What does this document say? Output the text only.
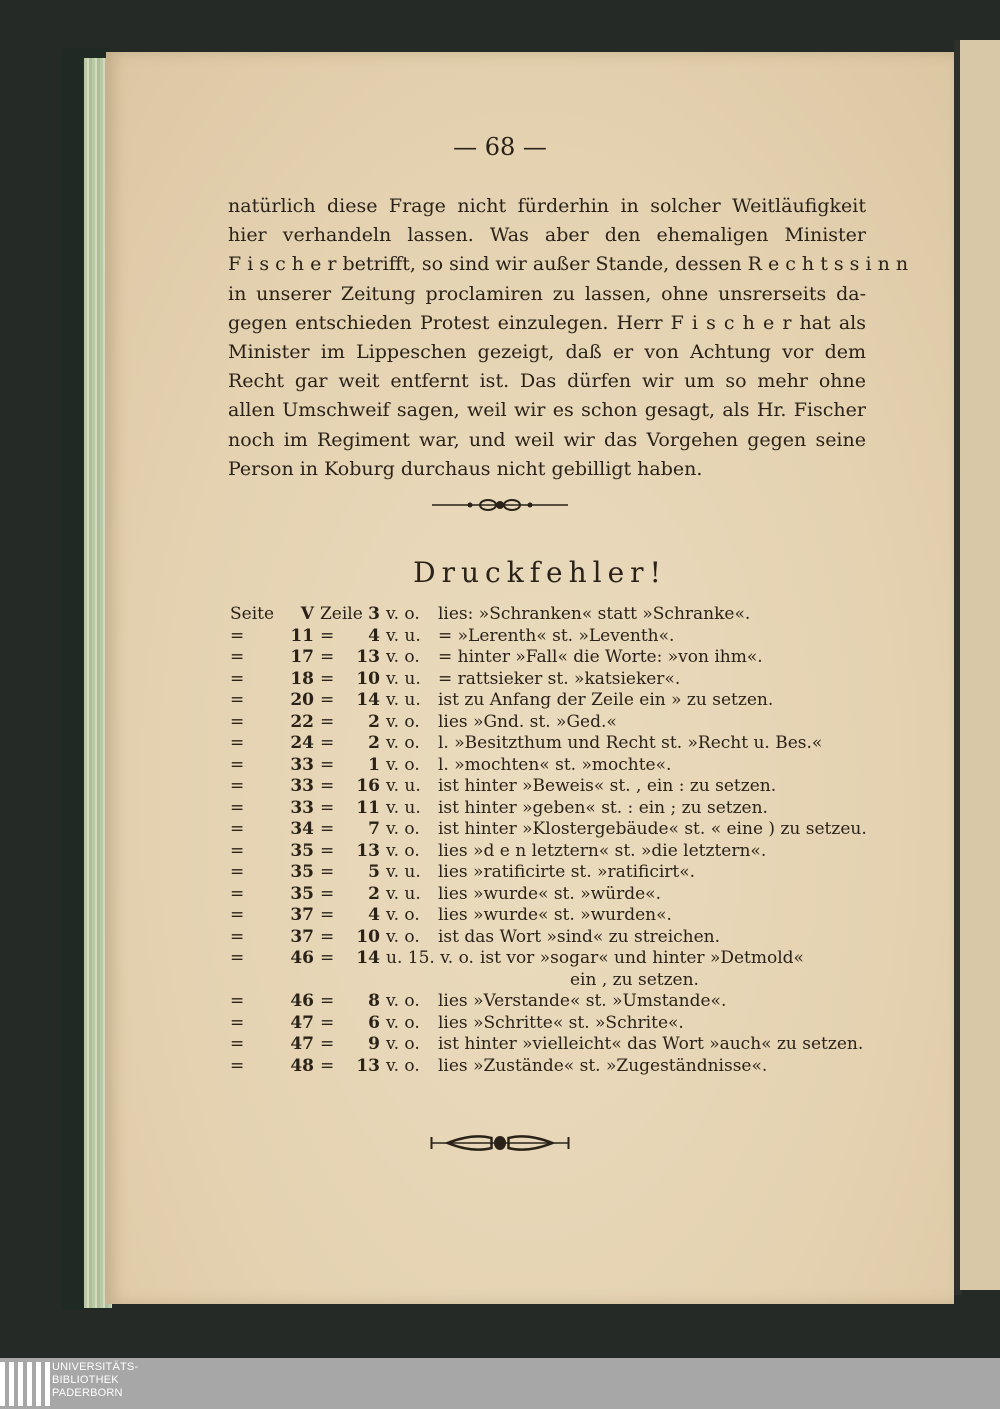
— 68 —
natürlich diese Frage nicht fürderhin in solcher Weitläufigkeit
hier verhandeln lassen. Was aber den ehemaligen Minister
F i s c h e r betrifft, so sind wir außer Stande, dessen R e c h t s s i n n
in unserer Zeitung proclamiren zu lassen, ohne unsrerseits da-
gegen entschieden Protest einzulegen. Herr F i s c h e r hat als
Minister im Lippeschen gezeigt, daß er von Achtung vor dem
Recht gar weit entfernt ist. Das dürfen wir um so mehr ohne
allen Umschweif sagen, weil wir es schon gesagt, als Hr. Fischer
noch im Regiment war, und weil wir das Vorgehen gegen seine
Person in Koburg durchaus nicht gebilligt haben.
Druckfehler!
Seite	V Zeile 3 v. o.	lies: »Schranken« statt »Schranke«.
=	11 =	4 v. u.	= »Lerenth« st. »Leventh«.
=	17 =	13 v. o.	= hinter »Fall« die Worte: »von ihm«.
=	18 =	10 v. u.	= rattsieker st. »katsieker«.
=	20 =	14 v. u.	ist zu Anfang der Zeile ein » zu setzen.
=	22 =	2 v. o.	lies »Gnd. st. »Ged.«
=	24 =	2 v. o.	l. »Besitzthum und Recht st. »Recht u. Bes.«
=	33 =	1 v. o.	l. »mochten« st. »mochte«.
=	33 =	16 v. u.	ist hinter »Beweis« st. , ein : zu setzen.
=	33 =	11 v. u.	ist hinter »geben« st. : ein ; zu setzen.
=	34 =	7 v. o.	ist hinter »Klostergebäude« st. « eine ) zu setzeu.
=	35 =	13 v. o.	lies »d e n letztern« st. »die letztern«.
=	35 =	5 v. u.	lies »ratificirte st. »ratificirt«.
=	35 =	2 v. u.	lies »wurde« st. »würde«.
=	37 =	4 v. o.	lies »wurde« st. »wurden«.
=	37 =	10 v. o.	ist das Wort »sind« zu streichen.
=	46 =	14 u. 15. v. o. ist vor »sogar« und hinter »Detmold«
ein , zu setzen.
=	46 =	8 v. o.	lies »Verstande« st. »Umstande«.
=	47 =	6 v. o.	lies »Schritte« st. »Schrite«.
=	47 =	9 v. o.	ist hinter »vielleicht« das Wort »auch« zu setzen.
=	48 =	13 v. o.	lies »Zustände« st. »Zugeständnisse«.
UNIVERSITÄTS-
BIBLIOTHEK
PADERBORN
